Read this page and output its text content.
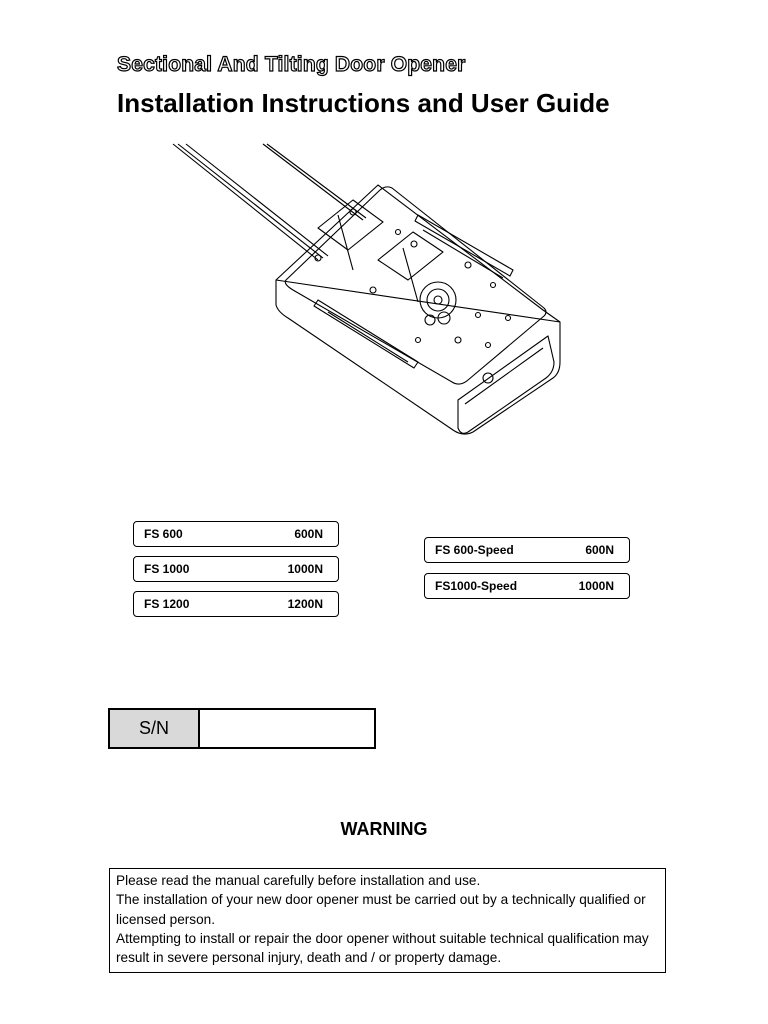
Sectional And Tilting Door Opener
Installation Instructions and User Guide
FS 600	600N
FS 1000	1000N
FS 1200	1200N
FS 600-Speed	600N
FS1000-Speed	1000N
S/N
WARNING

Please read the manual carefully before installation and use.

The installation of your new door opener must be carried out by a technically qualified or licensed person.

Attempting to install or repair the door opener without suitable technical qualification may result in severe personal injury, death and / or property damage.
